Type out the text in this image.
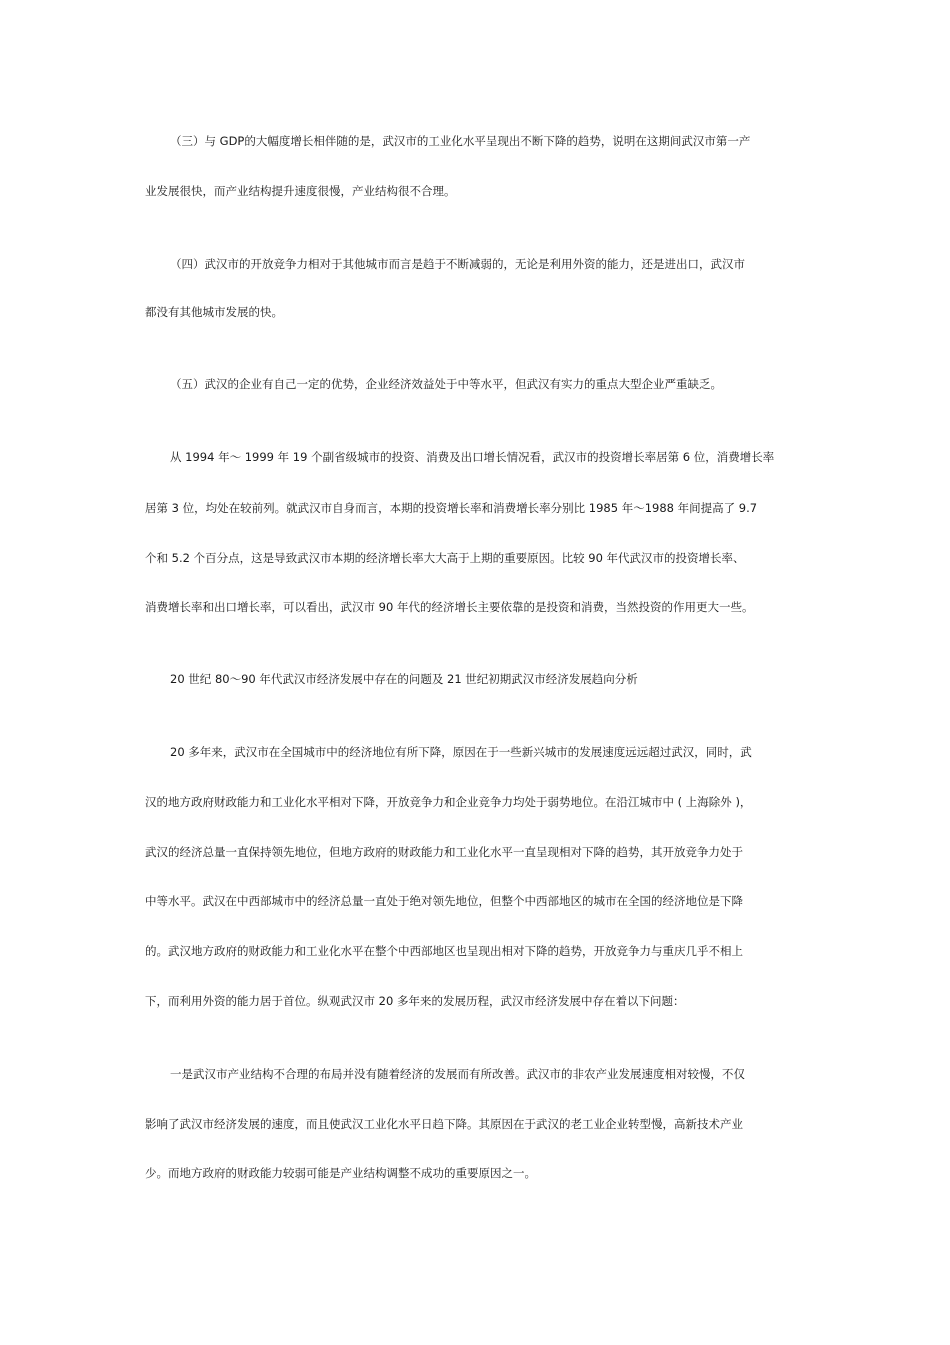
（三）与 GDP的大幅度增长相伴随的是，武汉市的工业化水平呈现出不断下降的趋势，说明在这期间武汉市第一产
业发展很快，而产业结构提升速度很慢，产业结构很不合理。
（四）武汉市的开放竞争力相对于其他城市而言是趋于不断减弱的，无论是利用外资的能力，还是进出口，武汉市
都没有其他城市发展的快。
（五）武汉的企业有自己一定的优势，企业经济效益处于中等水平，但武汉有实力的重点大型企业严重缺乏。
从 1994 年～ 1999 年 19 个副省级城市的投资、消费及出口增长情况看，武汉市的投资增长率居第 6 位，消费增长率
居第 3 位，均处在较前列。就武汉市自身而言，本期的投资增长率和消费增长率分别比 1985 年～1988 年间提高了 9.7
个和 5.2 个百分点，这是导致武汉市本期的经济增长率大大高于上期的重要原因。比较 90 年代武汉市的投资增长率、
消费增长率和出口增长率，可以看出，武汉市 90 年代的经济增长主要依靠的是投资和消费，当然投资的作用更大一些。
20 世纪 80～90 年代武汉市经济发展中存在的问题及 21 世纪初期武汉市经济发展趋向分析
20 多年来，武汉市在全国城市中的经济地位有所下降，原因在于一些新兴城市的发展速度远远超过武汉，同时，武
汉的地方政府财政能力和工业化水平相对下降，开放竞争力和企业竞争力均处于弱势地位。在沿江城市中 ( 上海除外 )，
武汉的经济总量一直保持领先地位，但地方政府的财政能力和工业化水平一直呈现相对下降的趋势，其开放竞争力处于
中等水平。武汉在中西部城市中的经济总量一直处于绝对领先地位，但整个中西部地区的城市在全国的经济地位是下降
的。武汉地方政府的财政能力和工业化水平在整个中西部地区也呈现出相对下降的趋势，开放竞争力与重庆几乎不相上
下，而利用外资的能力居于首位。纵观武汉市 20 多年来的发展历程，武汉市经济发展中存在着以下问题：
一是武汉市产业结构不合理的布局并没有随着经济的发展而有所改善。武汉市的非农产业发展速度相对较慢，不仅
影响了武汉市经济发展的速度，而且使武汉工业化水平日趋下降。其原因在于武汉的老工业企业转型慢，高新技术产业
少。而地方政府的财政能力较弱可能是产业结构调整不成功的重要原因之一。
